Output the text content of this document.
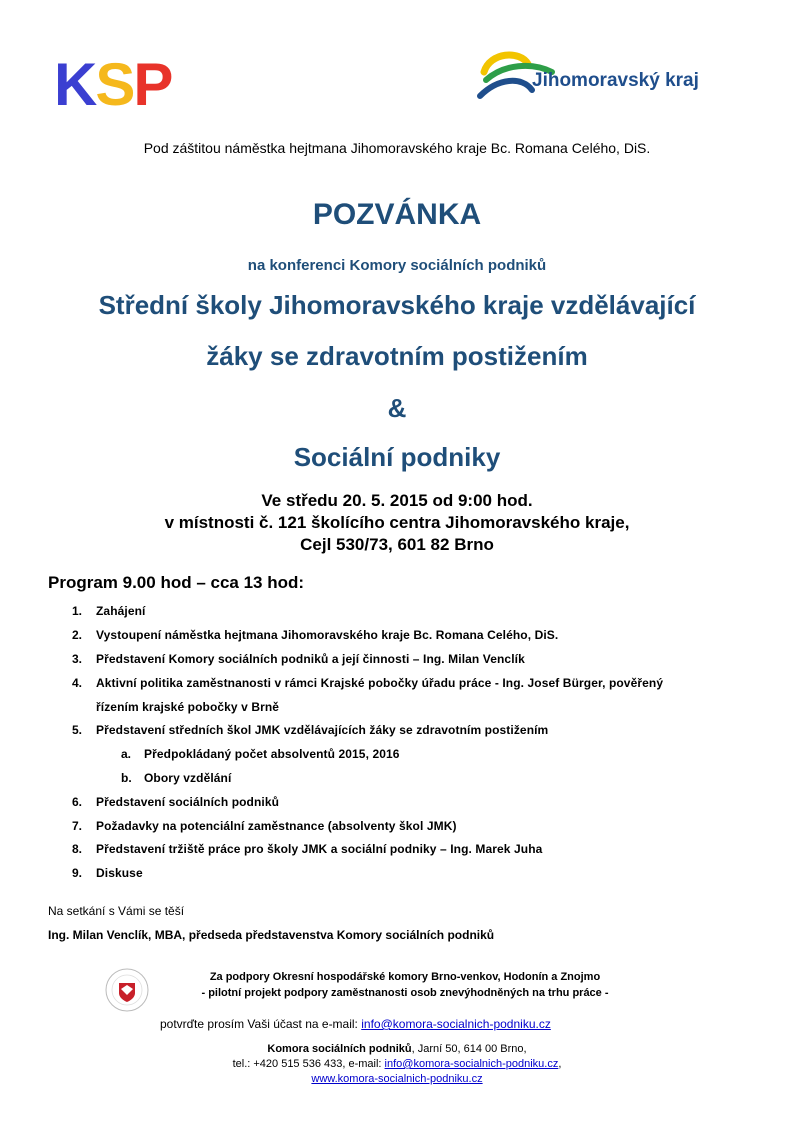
KSP	Jihomoravský kraj
Pod záštitou náměstka hejtmana Jihomoravského kraje Bc. Romana Celého, DiS.
POZVÁNKA
na konferenci Komory sociálních podniků
Střední školy Jihomoravského kraje vzdělávající
žáky se zdravotním postižením
&
Sociální podniky
Ve středu 20. 5. 2015 od 9:00 hod.
v místnosti č. 121 školícího centra Jihomoravského kraje,
Cejl 530/73, 601 82 Brno
Program 9.00 hod – cca 13 hod:
1. Zahájení
2. Vystoupení náměstka hejtmana Jihomoravského kraje Bc. Romana Celého, DiS.
3. Představení Komory sociálních podniků a její činnosti – Ing. Milan Venclík
4. Aktivní politika zaměstnanosti v rámci Krajské pobočky úřadu práce - Ing. Josef Bürger, pověřený
řízením krajské pobočky v Brně
5. Představení středních škol JMK vzdělávajících žáky se zdravotním postižením
a. Předpokládaný počet absolventů 2015, 2016
b. Obory vzdělání
6. Představení sociálních podniků
7. Požadavky na potenciální zaměstnance (absolventy škol JMK)
8. Představení tržiště práce pro školy JMK a sociální podniky – Ing. Marek Juha
9. Diskuse
Na setkání s Vámi se těší
Ing. Milan Venclík, MBA, předseda představenstva Komory sociálních podniků
Za podpory Okresní hospodářské komory Brno-venkov, Hodonín a Znojmo
- pilotní projekt podpory zaměstnanosti osob znevýhodněných na trhu práce -
potvrďte prosím Vaši účast na e-mail: info@komora-socialnich-podniku.cz
Komora sociálních podniků, Jarní 50, 614 00 Brno,
tel.: +420 515 536 433, e-mail: info@komora-socialnich-podniku.cz,
www.komora-socialnich-podniku.cz
